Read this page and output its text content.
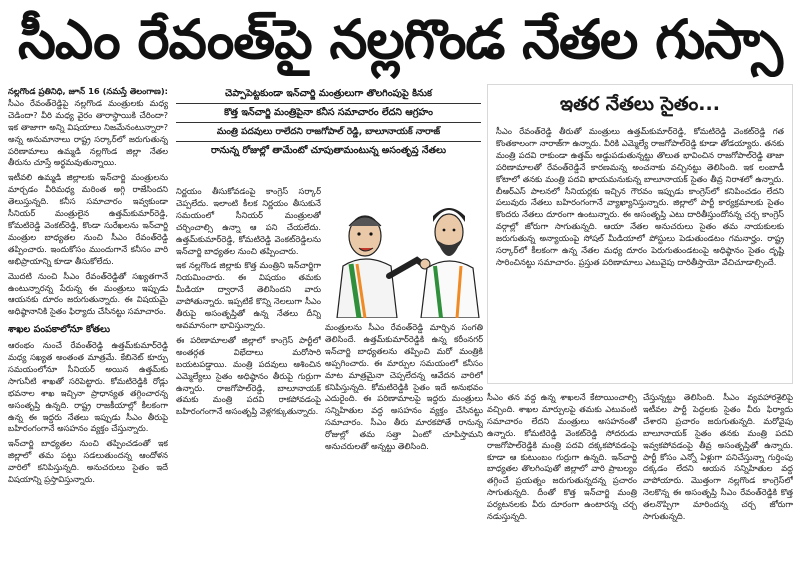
సీఎం రేవంత్‌పై నల్లగొండ నేతల గుస్సా

నల్లగొండ ప్రతినిధి, జూన్ 16 (నమస్తే తెలంగాణ): సీఎం రేవంత్‌రెడ్డిపై నల్లగొండ మంత్రులకు మధ్య చెడిందా? వీరి మధ్య వైరం తారాస్థాయికి చేరిందా? ఇక తాజాగా అన్ని విషయాలు నిజమేనంటున్నారా? అన్న అనుమానాలు రాష్ట్ర సర్కార్‌లో జరుగుతున్న పరిణామాలు ఉమ్మడి నల్లగొండ జిల్లా నేతల తీరును చూస్తే అర్థమవుతున్నాయి.

ఇటీవలి ఉమ్మడి జిల్లాలకు ఇన్‌చార్జి మంత్రులను మార్చడం వీరిమధ్య మరింత అగ్గి రాజేసిందని తెలుస్తున్నది. కనీస సమాచారం ఇవ్వకుండా సీనియర్ మంత్రులైన ఉత్తమ్‌కుమార్‌రెడ్డి, కోమటిరెడ్డి వెంకట్‌రెడ్డి, కొండా సురేఖలను ఇన్‌చార్జి మంత్రుల బాధ్యతల నుంచి సీఎం రేవంత్‌రెడ్డి తప్పించారు. ఇందుకోసం ముందుగానే కనీసం వారి అభిప్రాయాన్ని కూడా తీసుకోలేదు.

మొదటి నుంచి సీఎం రేవంత్‌రెడ్డితో సఖ్యతగానే ఉంటున్నారన్న పేరున్న ఈ మంత్రులు ఇప్పుడు ఆయనకు దూరం జరుగుతున్నారు. ఈ విషయమై అధిష్ఠానానికి సైతం ఫిర్యాదు చేసినట్టు సమాచారం.

శాఖల పంపకాలోనూ కోతలు

ఆరంభం నుంచే రేవంత్‌రెడ్డి ఉత్తమ్‌కుమార్‌రెడ్డి మధ్య సఖ్యత అంతంత మాత్రమే. కేబినెట్ కూర్పు సమయంలోనూ సీనియర్ అయిన ఉత్తమ్‌కు సాగునీటి శాఖతో సరిపెట్టారు. కోమటిరెడ్డికి రోడ్లు భవనాల శాఖ ఇచ్చినా ప్రాధాన్యత తగ్గించారన్న అసంతృప్తి ఉన్నది. రాష్ట్ర రాజకీయాల్లో కీలకంగా ఉన్న ఈ ఇద్దరు నేతలు ఇప్పుడు సీఎం తీరుపై బహిరంగంగానే అసహనం వ్యక్తం చేస్తున్నారు.

ఇన్‌చార్జి బాధ్యతల నుంచి తప్పించడంతో ఇక జిల్లాలో తమ పట్టు సడలుతుందన్న ఆందోళన వారిలో కనిపిస్తున్నది. అనుచరులు సైతం ఇదే విషయాన్ని ప్రస్తావిస్తున్నారు.

చెప్పాపెట్టకుండా ఇన్‌చార్జి మంత్రులుగా తొలగింపుపై కినుక
కొత్త ఇన్‌చార్జి మంత్రిపైనా కనీస సమాచారం లేదని ఆగ్రహం
మంత్రి పదవులు రాలేదని రాజగోపాల్ రెడ్డి, బాలూనాయక్ నారాజ్
రానున్న రోజుల్లో తామేంటో చూపుతామంటున్న అసంతృప్త నేతలు

నిర్ణయం తీసుకోవడంపై కాంగ్రెస్ సర్కార్ చెప్పలేదు. ఇలాంటి కీలక నిర్ణయం తీసుకునే సమయంలో సీనియర్ మంత్రులతో చర్చించాల్సి ఉన్నా ఆ పని చేయలేదు. ఉత్తమ్‌కుమార్‌రెడ్డి, కోమటిరెడ్డి వెంకట్‌రెడ్డిలను ఇన్‌చార్జి బాధ్యతల నుంచి తప్పించారు.

ఇక నల్లగొండ జిల్లాకు కొత్త మంత్రిని ఇన్‌చార్జిగా నియమించారు. ఈ విషయం తమకు మీడియా ద్వారానే తెలిసిందని వారు వాపోతున్నారు. ఇప్పటికే కొన్ని నెలలుగా సీఎం తీరుపై అసంతృప్తితో ఉన్న నేతలు దీన్ని అవమానంగా భావిస్తున్నారు.

ఈ పరిణామాలతో జిల్లాలో కాంగ్రెస్ పార్టీలో అంతర్గత విభేదాలు మరోసారి బయటపడ్డాయి. మంత్రి పదవులు ఆశించిన ఎమ్మెల్యేలు సైతం అధిష్ఠానం తీరుపై గుర్రుగా ఉన్నారు. రాజగోపాల్‌రెడ్డి, బాలూనాయక్ తమకు మంత్రి పదవి రాకపోవడంపై బహిరంగంగానే అసంతృప్తి వెళ్లగక్కుతున్నారు.

మంత్రులను సీఎం రేవంత్‌రెడ్డి మార్చిన సంగతి తెలిసిందే. ఉత్తమ్‌కుమార్‌రెడ్డికి ఉన్న కరీంనగర్ ఇన్‌చార్జి బాధ్యతలను తప్పించి మరో మంత్రికి అప్పగించారు. ఈ మార్పుల సమయంలో కనీసం మాట మాత్రమైనా చెప్పలేదన్న ఆవేదన వారిలో కనిపిస్తున్నది. కోమటిరెడ్డికి సైతం ఇదే అనుభవం ఎదురైంది. ఈ పరిణామాలపై ఇద్దరు మంత్రులు సన్నిహితుల వద్ద అసహనం వ్యక్తం చేసినట్టు సమాచారం. సీఎం తీరు మారకపోతే రానున్న రోజుల్లో తమ సత్తా ఏంటో చూపిస్తామని అనుచరులతో అన్నట్టు తెలిసింది.
ఇతర నేతలు సైతం...
సీఎం రేవంత్‌రెడ్డి తీరుతో మంత్రులు ఉత్తమ్‌కుమార్‌రెడ్డి, కోమటిరెడ్డి వెంకట్‌రెడ్డి గత కొంతకాలంగా నారాజ్‌గా ఉన్నారు. వీరికి ఎమ్మెల్యే రాజగోపాల్‌రెడ్డి కూడా తోడయ్యారు. తనకు మంత్రి పదవి రాకుండా ఉత్తమ్ అడ్డుపడుతున్నట్టు తొలుత భావించిన రాజగోపాల్‌రెడ్డి తాజా పరిణామాలతో రేవంత్‌రెడ్డినే కారణమన్న అంచనాకు వచ్చినట్టు తెలిసింది. ఇక లంబాడీ కోటాలో తనకు మంత్రి పదవి ఖాయమనుకున్న బాలూనాయక్ సైతం తీవ్ర నిరాశలో ఉన్నారు. బీఆర్ఎస్ పాలనలో సీనియర్లకు ఇచ్చిన గౌరవం ఇప్పుడు కాంగ్రెస్‌లో కనిపించడం లేదని పలువురు నేతలు బహిరంగంగానే వ్యాఖ్యానిస్తున్నారు. జిల్లాలో పార్టీ కార్యక్రమాలకు సైతం కొందరు నేతలు దూరంగా ఉంటున్నారు. ఈ అసంతృప్తి ఎటు దారితీస్తుందోనన్న చర్చ కాంగ్రెస్ వర్గాల్లో జోరుగా సాగుతున్నది. ఆయా నేతల అనుచరులు సైతం తమ నాయకులకు జరుగుతున్న అన్యాయంపై సోషల్ మీడియాలో పోస్టులు పెడుతుండటం గమనార్హం. రాష్ట్ర సర్కార్‌లో కీలకంగా ఉన్న నేతల మధ్య దూరం పెరుగుతుండటంపై అధిష్ఠానం సైతం దృష్టి సారించినట్టు సమాచారం. ప్రస్తుత పరిణామాలు ఎటువైపు దారితీస్తాయో వేచిచూడాల్సిందే.
సీఎం తన వద్ద ఉన్న శాఖలనే కేటాయించాల్సి వచ్చింది. శాఖల మార్పులపై తమకు ఎటువంటి సమాచారం లేదని మంత్రులు అసహనంతో ఉన్నారు. కోమటిరెడ్డి వెంకట్‌రెడ్డి సోదరుడు రాజగోపాల్‌రెడ్డికి మంత్రి పదవి దక్కకపోవడంపై కూడా ఆ కుటుంబం గుర్రుగా ఉన్నది. ఇన్‌చార్జి బాధ్యతల తొలగింపుతో జిల్లాలో వారి ప్రాబల్యం తగ్గించే ప్రయత్నం జరుగుతున్నదన్న ప్రచారం సాగుతున్నది. దీంతో కొత్త ఇన్‌చార్జి మంత్రి పర్యటనలకు వీరు దూరంగా ఉంటారన్న చర్చ నడుస్తున్నది.
చేస్తున్నట్టు తెలిసింది. సీఎం వ్యవహారశైలిపై ఇటీవల పార్టీ పెద్దలకు సైతం వీరు ఫిర్యాదు చేశారని ప్రచారం జరుగుతున్నది. మరోవైపు బాలూనాయక్ సైతం తనకు మంత్రి పదవి ఇవ్వకపోవడంపై తీవ్ర అసంతృప్తితో ఉన్నారు. పార్టీ కోసం ఎన్నో ఏళ్లుగా పనిచేస్తున్నా గుర్తింపు దక్కడం లేదని ఆయన సన్నిహితుల వద్ద వాపోయారు. మొత్తంగా నల్లగొండ కాంగ్రెస్‌లో నెలకొన్న ఈ అసంతృప్తి సీఎం రేవంత్‌రెడ్డికి కొత్త తలనొప్పిగా మారిందన్న చర్చ జోరుగా సాగుతున్నది.
